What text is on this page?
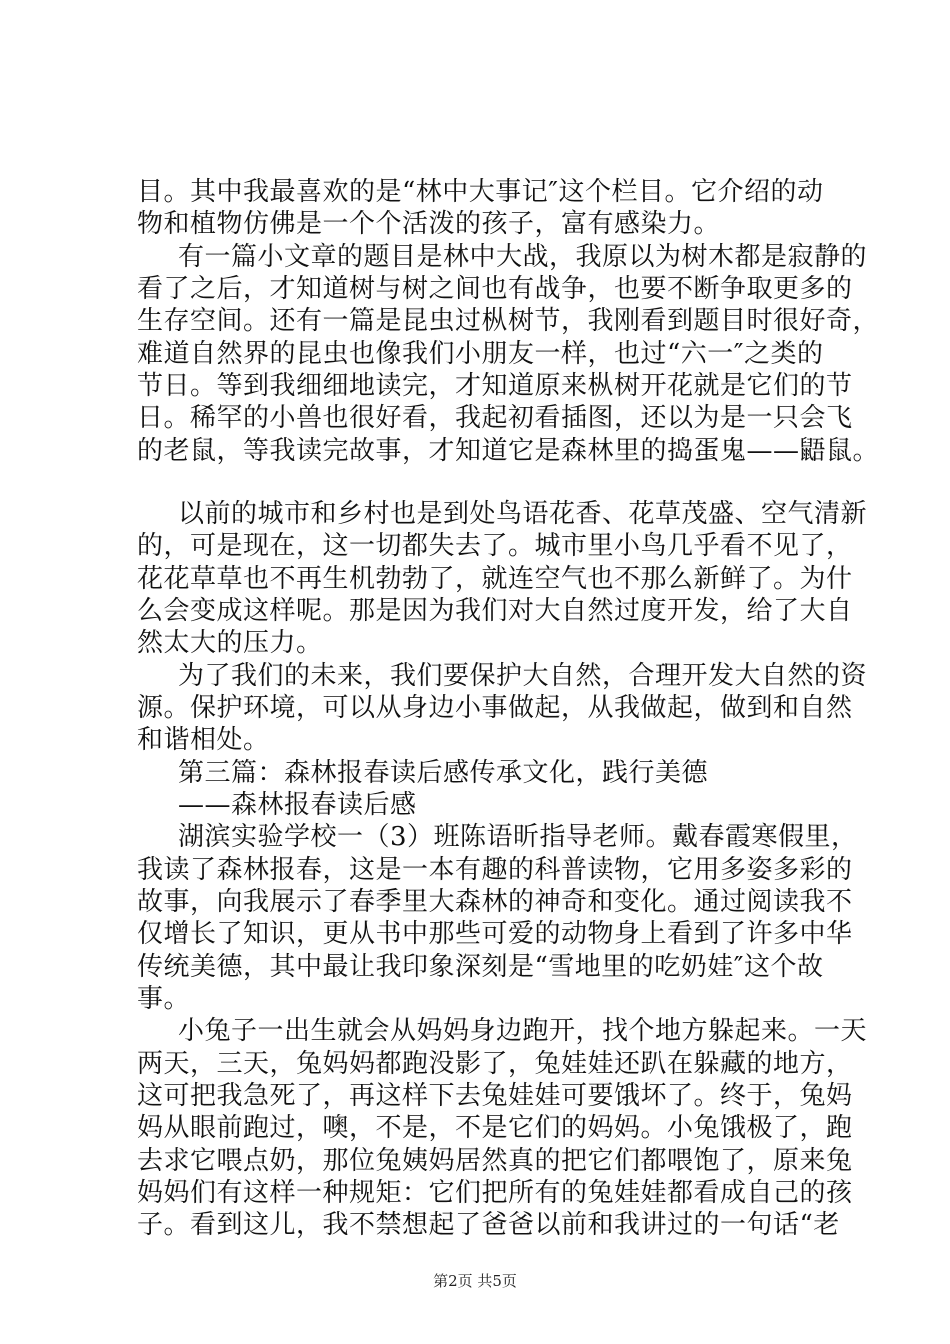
目。其中我最喜欢的是“林中大事记″这个栏目。它介绍的动
物和植物仿佛是一个个活泼的孩子，富有感染力。
有一篇小文章的题目是林中大战，我原以为树木都是寂静的
看了之后，才知道树与树之间也有战争，也要不断争取更多的
生存空间。还有一篇是昆虫过枞树节，我刚看到题目时很好奇，
难道自然界的昆虫也像我们小朋友一样，也过“六一″之类的
节日。等到我细细地读完，才知道原来枞树开花就是它们的节
日。稀罕的小兽也很好看，我起初看插图，还以为是一只会飞
的老鼠，等我读完故事，才知道它是森林里的捣蛋鬼——鼯鼠。
以前的城市和乡村也是到处鸟语花香、花草茂盛、空气清新
的，可是现在，这一切都失去了。城市里小鸟几乎看不见了，
花花草草也不再生机勃勃了，就连空气也不那么新鲜了。为什
么会变成这样呢。那是因为我们对大自然过度开发，给了大自
然太大的压力。
为了我们的未来，我们要保护大自然，合理开发大自然的资
源。保护环境，可以从身边小事做起，从我做起，做到和自然
和谐相处。
第三篇：森林报春读后感传承文化，践行美德
——森林报春读后感
湖滨实验学校一（3）班陈语昕指导老师。戴春霞寒假里，
我读了森林报春，这是一本有趣的科普读物，它用多姿多彩的
故事，向我展示了春季里大森林的神奇和变化。通过阅读我不
仅增长了知识，更从书中那些可爱的动物身上看到了许多中华
传统美德，其中最让我印象深刻是“雪地里的吃奶娃″这个故
事。
小兔子一出生就会从妈妈身边跑开，找个地方躲起来。一天
两天，三天，兔妈妈都跑没影了，兔娃娃还趴在躲藏的地方，
这可把我急死了，再这样下去兔娃娃可要饿坏了。终于，兔妈
妈从眼前跑过，噢，不是，不是它们的妈妈。小兔饿极了，跑
去求它喂点奶，那位兔姨妈居然真的把它们都喂饱了，原来兔
妈妈们有这样一种规矩：它们把所有的兔娃娃都看成自己的孩
子。看到这儿，我不禁想起了爸爸以前和我讲过的一句话“老
第2页 共5页
